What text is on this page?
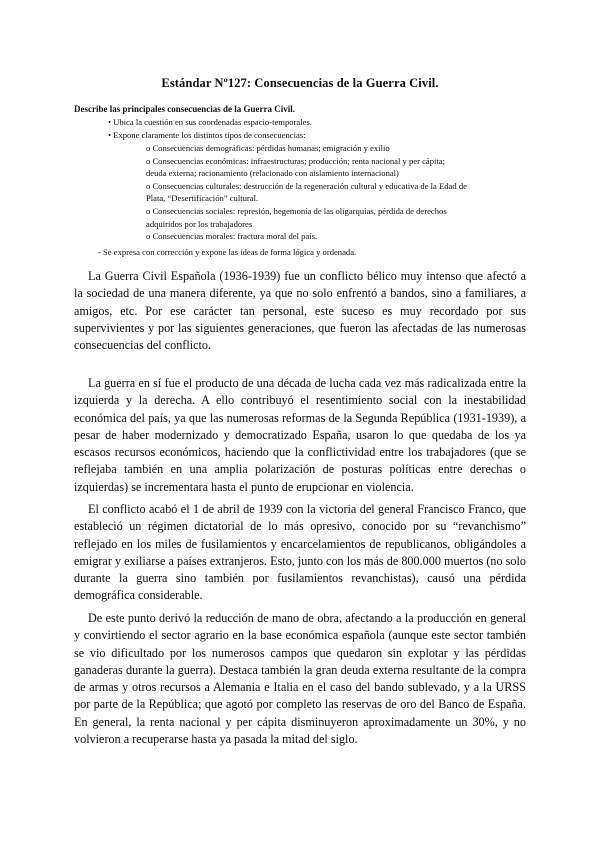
Estándar Nº127: Consecuencias de la Guerra Civil.
Describe las principales consecuencias de la Guerra Civil.
• Ubica la cuestión en sus coordenadas espacio-temporales.
• Expone claramente los distintos tipos de consecuencias:
o Consecuencias demográficas: pérdidas humanas; emigración y exilio
o Consecuencias económicas: infraestructuras; producción; renta nacional y per cápita;
deuda externa; racionamiento (relacionado con aislamiento internacional)
o Consecuencias culturales: destrucción de la regeneración cultural y educativa de la Edad de
Plata, “Desertificación” cultural.
o Consecuencias sociales: represión, hegemonía de las oligarquías, pérdida de derechos
adquiridos por los trabajadores
o Consecuencias morales: fractura moral del país.
- Se expresa con corrección y expone las ideas de forma lógica y ordenada.

La Guerra Civil Española (1936-1939) fue un conflicto bélico muy intenso que afectó a la sociedad de una manera diferente, ya que no solo enfrentó a bandos, sino a familiares, a amigos, etc. Por ese carácter tan personal, este suceso es muy recordado por sus supervivientes y por las siguientes generaciones, que fueron las afectadas de las numerosas consecuencias del conflicto.

La guerra en sí fue el producto de una década de lucha cada vez más radicalizada entre la izquierda y la derecha. A ello contribuyó el resentimiento social con la inestabilidad económica del país, ya que las numerosas reformas de la Segunda República (1931-1939), a pesar de haber modernizado y democratizado España, usaron lo que quedaba de los ya escasos recursos económicos, haciendo que la conflictividad entre los trabajadores (que se reflejaba también en una amplia polarización de posturas políticas entre derechas o izquierdas) se incrementara hasta el punto de erupcionar en violencia.

El conflicto acabó el 1 de abril de 1939 con la victoria del general Francisco Franco, que estableció un régimen dictatorial de lo más opresivo, conocido por su “revanchismo” reflejado en los miles de fusilamientos y encarcelamientos de republicanos, obligándoles a emigrar y exiliarse a países extranjeros. Esto, junto con los más de 800.000 muertos (no solo durante la guerra sino también por fusilamientos revanchistas), causó una pérdida demográfica considerable.

De este punto derivó la reducción de mano de obra, afectando a la producción en general y convirtiendo el sector agrario en la base económica española (aunque este sector también se vio dificultado por los numerosos campos que quedaron sin explotar y las pérdidas ganaderas durante la guerra). Destaca también la gran deuda externa resultante de la compra de armas y otros recursos a Alemania e Italia en el caso del bando sublevado, y a la URSS por parte de la República; que agotó por completo las reservas de oro del Banco de España. En general, la renta nacional y per cápita disminuyeron aproximadamente un 30%, y no volvieron a recuperarse hasta ya pasada la mitad del siglo.
